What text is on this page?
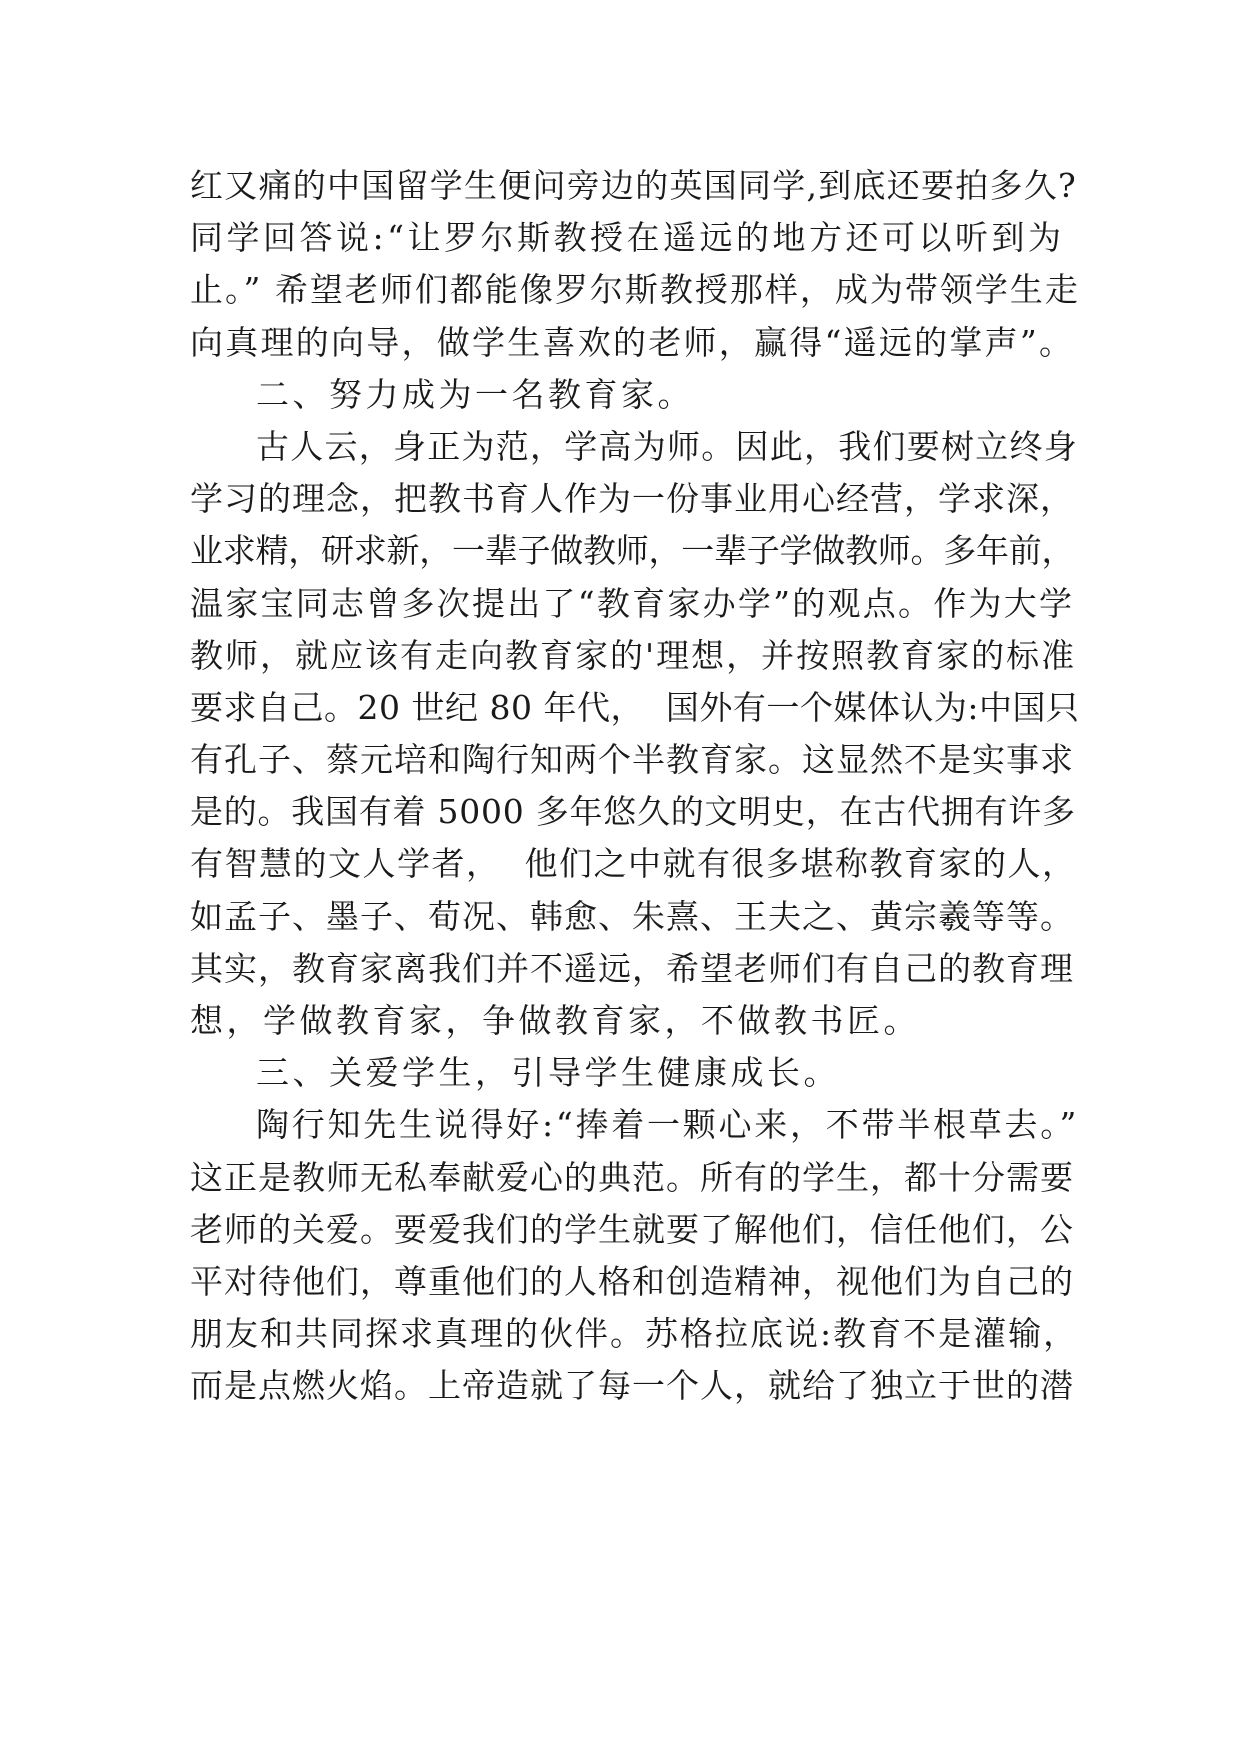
红又痛的中国留学生便问旁边的英国同学,到底还要拍多久?
同学回答说:“让罗尔斯教授在遥远的地方还可以听到为
止。” 希望老师们都能像罗尔斯教授那样，成为带领学生走
向真理的向导，做学生喜欢的老师，赢得“遥远的掌声”。
二、努力成为一名教育家。
古人云，身正为范，学高为师。因此，我们要树立终身
学习的理念，把教书育人作为一份事业用心经营，学求深，
业求精，研求新，一辈子做教师，一辈子学做教师。多年前，
温家宝同志曾多次提出了“教育家办学”的观点。作为大学
教师，就应该有走向教育家的'理想，并按照教育家的标准
要求自己。20 世纪 80 年代，  国外有一个媒体认为:中国只
有孔子、蔡元培和陶行知两个半教育家。这显然不是实事求
是的。我国有着 5000 多年悠久的文明史，在古代拥有许多
有智慧的文人学者，  他们之中就有很多堪称教育家的人，
如孟子、墨子、荀况、韩愈、朱熹、王夫之、黄宗羲等等。
其实，教育家离我们并不遥远，希望老师们有自己的教育理
想，学做教育家，争做教育家，不做教书匠。
三、关爱学生，引导学生健康成长。
陶行知先生说得好:“捧着一颗心来，不带半根草去。”
这正是教师无私奉献爱心的典范。所有的学生，都十分需要
老师的关爱。要爱我们的学生就要了解他们，信任他们，公
平对待他们，尊重他们的人格和创造精神，视他们为自己的
朋友和共同探求真理的伙伴。苏格拉底说:教育不是灌输，
而是点燃火焰。上帝造就了每一个人，就给了独立于世的潜
